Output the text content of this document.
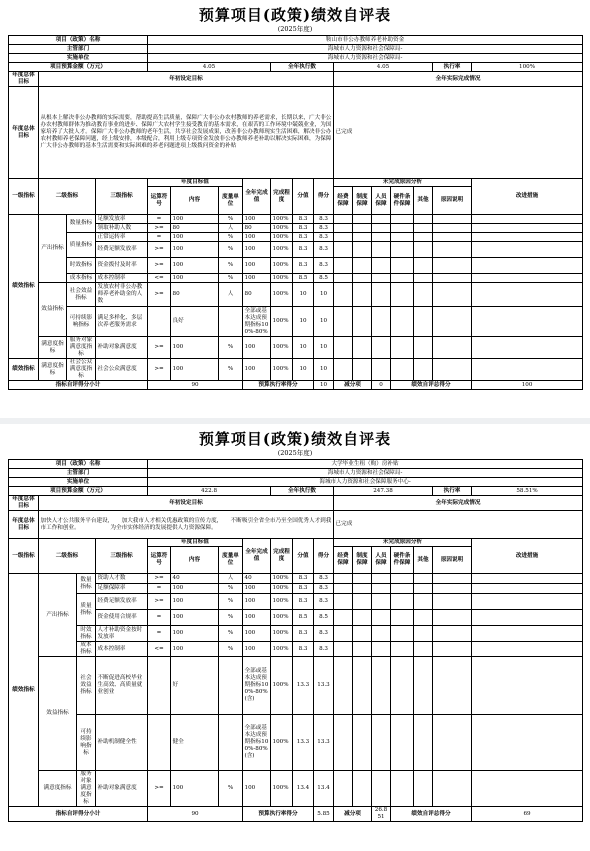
预算项目(政策)绩效自评表
(2025年度)
项目（政策）名称				鞍山市非公办教师养老补助资金													
主管部门				海城市人力资源和社会保障局-													
实施单位				海城市人力资源和社会保障局-													
项目预算金额（万元）				4.05				全年执行数			4.05					执行率	100%
年度总体目标	年初设定目标										全年实际完成情况						
年度总体目标	从根本上解决非公办教师的实际需要，帮助提高生活质量，保障广大非公办农村教师的养老需求，长期以来，广大非公办农村教师群体为推动教育事业的进步、保障广大农村学生接受教育的基本需求，在艰苦的工作环境中兢兢业业，为国家培养了大批人才。保障广大非公办教师的老年生活，共享社会发展成果，改善非公办教师现实生活困难，解决非公办农村教师养老保障问题，经上级安排，本级配合，利用上级专项资金发放非公办教师养老补助以解决实际困难，为保障广大非公办教师的基本生活需要和实际困难的养老问题进项上级拨问资金的补贴										已完成						
一级指标	二级指标		三级指标	年度目标值			全年完成值	完成程度	分值	得分	未完成原因分析						改进措施
				运算符号	内容	度量单位					经费保障	制度保障	人员保障	硬件条件保障	其他	原因说明	
绩效指标	产出指标	数量指标	足额发放率	=	100	%	100	100%	8.3	8.3							
			领取补助人数	>=	80	人	80	100%	8.3	8.3							
		质量指标	正常运转率	=	100	%	100	100%	8.3	8.3							
			经费足额发放率	>=	100	%	100	100%	8.3	8.3							
		时效指标	资金拨付及时率	>=	100	%	100	100%	8.3	8.3							
		成本指标	成本控制率	<=	100	%	100	100%	8.5	8.5							
	效益指标	社会效益指标	发放农村非公办教师养老补助金的人数	>=	80	人	80	100%	10	10							
		可持续影响指标	满足多样化、多层次养老服务需求		良好		全部或基本达成预期指标100%-80%	100%	10	10							
	满意度指标	服务对象满意度指标	补助对象满意度	>=	100	%	100	100%	10	10							
绩效指标	满意度指标	社会公众满意度指标	社会公众满意度	>=	100	%	100	100%	10	10							
指标自评得分小计				90			预算执行率得分			10	减分项		0	绩效自评总得分			100
预算项目(政策)绩效自评表
(2025年度)
项目（政策）名称				大学毕业生租（购）房补贴													
主管部门				海城市人力资源和社会保障局-													
实施单位				海城市人力资源和社会保障服务中心-													
项目预算金额（万元）				422.8				全年执行数			247.38					执行率	58.51%
年度总体目标	年初设定目标										全年实际完成情况						
年度总体目标	加快人才公共服务平台建设，　　加大我市人才相关优惠政策的宣传力度，　　不断吸引全省全市乃至全国优秀人才到我市工作和创业。　　　　　　为全市实体经济的发展提供人力资源保障。										已完成						
一级指标	二级指标		三级指标	年度目标值			全年完成值	完成程度	分值	得分	未完成原因分析						改进措施
				运算符号	内容	度量单位					经费保障	制度保障	人员保障	硬件条件保障	其他	原因说明	
绩效指标	产出指标	数量指标	资助人才数	>=	40	人	40	100%	8.3	8.3							
			足额保障率	=	100	%	100	100%	8.3	8.3							
		质量指标	经费足额发放率	>=	100	%	100	100%	8.3	8.3							
			资金使用合规率	=	100	%	100	100%	8.5	8.5							
		时效指标	人才补助资金按时发放率	=	100	%	100	100%	8.3	8.3							
		成本指标	成本控制率	<=	100	%	100	100%	8.3	8.3							
	效益指标	社会效益指标	不断促进高校毕业生高效、高质量就业创业		好		全部或基本达成预期指标100%-80%(含)	100%	13.3	13.3							
		可持续影响指标	补助机制健全性		健全		全部或基本达成预期指标100%-80%(含)	100%	13.3	13.3							
	满意度指标	服务对象满意度指标	补助对象满意度	>=	100	%	100	100%	13.4	13.4							
指标自评得分小计				90			预算执行率得分			5.85	减分项		26.851	绩效自评总得分			69
